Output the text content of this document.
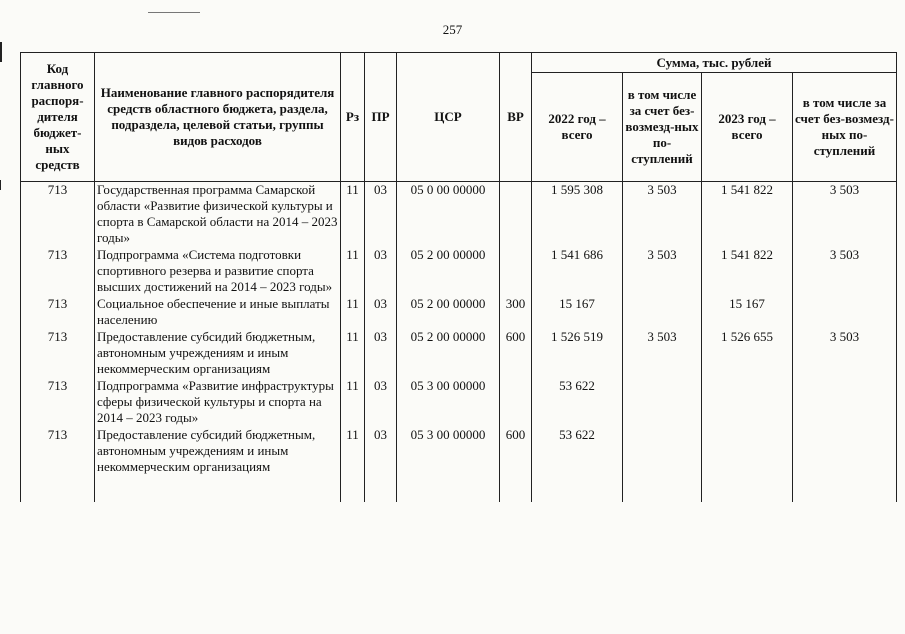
257
Код главного распоря-дителя бюджет-ных средств	Наименование главного распорядителя средств областного бюджета, раздела, подраздела, целевой статьи, группы видов расходов	Рз	ПР	ЦСР	ВР	Сумма, тыс. рублей			
						2022 год – всего	в том числе за счет без-возмезд-ных по-ступлений	2023 год – всего	в том числе за счет без-возмезд-ных по-ступлений
713	Государственная программа Самарской области «Развитие физической культуры и спорта в Самарской области на 2014 – 2023 годы»	11	03	05 0 00 00000		1 595 308	3 503	1 541 822	3 503
713	Подпрограмма «Система подготовки спортивного резерва и развитие спорта высших достижений на 2014 – 2023 годы»	11	03	05 2 00 00000		1 541 686	3 503	1 541 822	3 503
713	Социальное обеспечение и иные выплаты населению	11	03	05 2 00 00000	300	15 167		15 167	
713	Предоставление субсидий бюджетным, автономным учреждениям и иным некоммерческим организациям	11	03	05 2 00 00000	600	1 526 519	3 503	1 526 655	3 503
713	Подпрограмма «Развитие инфраструктуры сферы физической культуры и спорта на 2014 – 2023 годы»	11	03	05 3 00 00000		53 622			
713	Предоставление субсидий бюджетным, автономным учреждениям и иным некоммерческим организациям	11	03	05 3 00 00000	600	53 622			
